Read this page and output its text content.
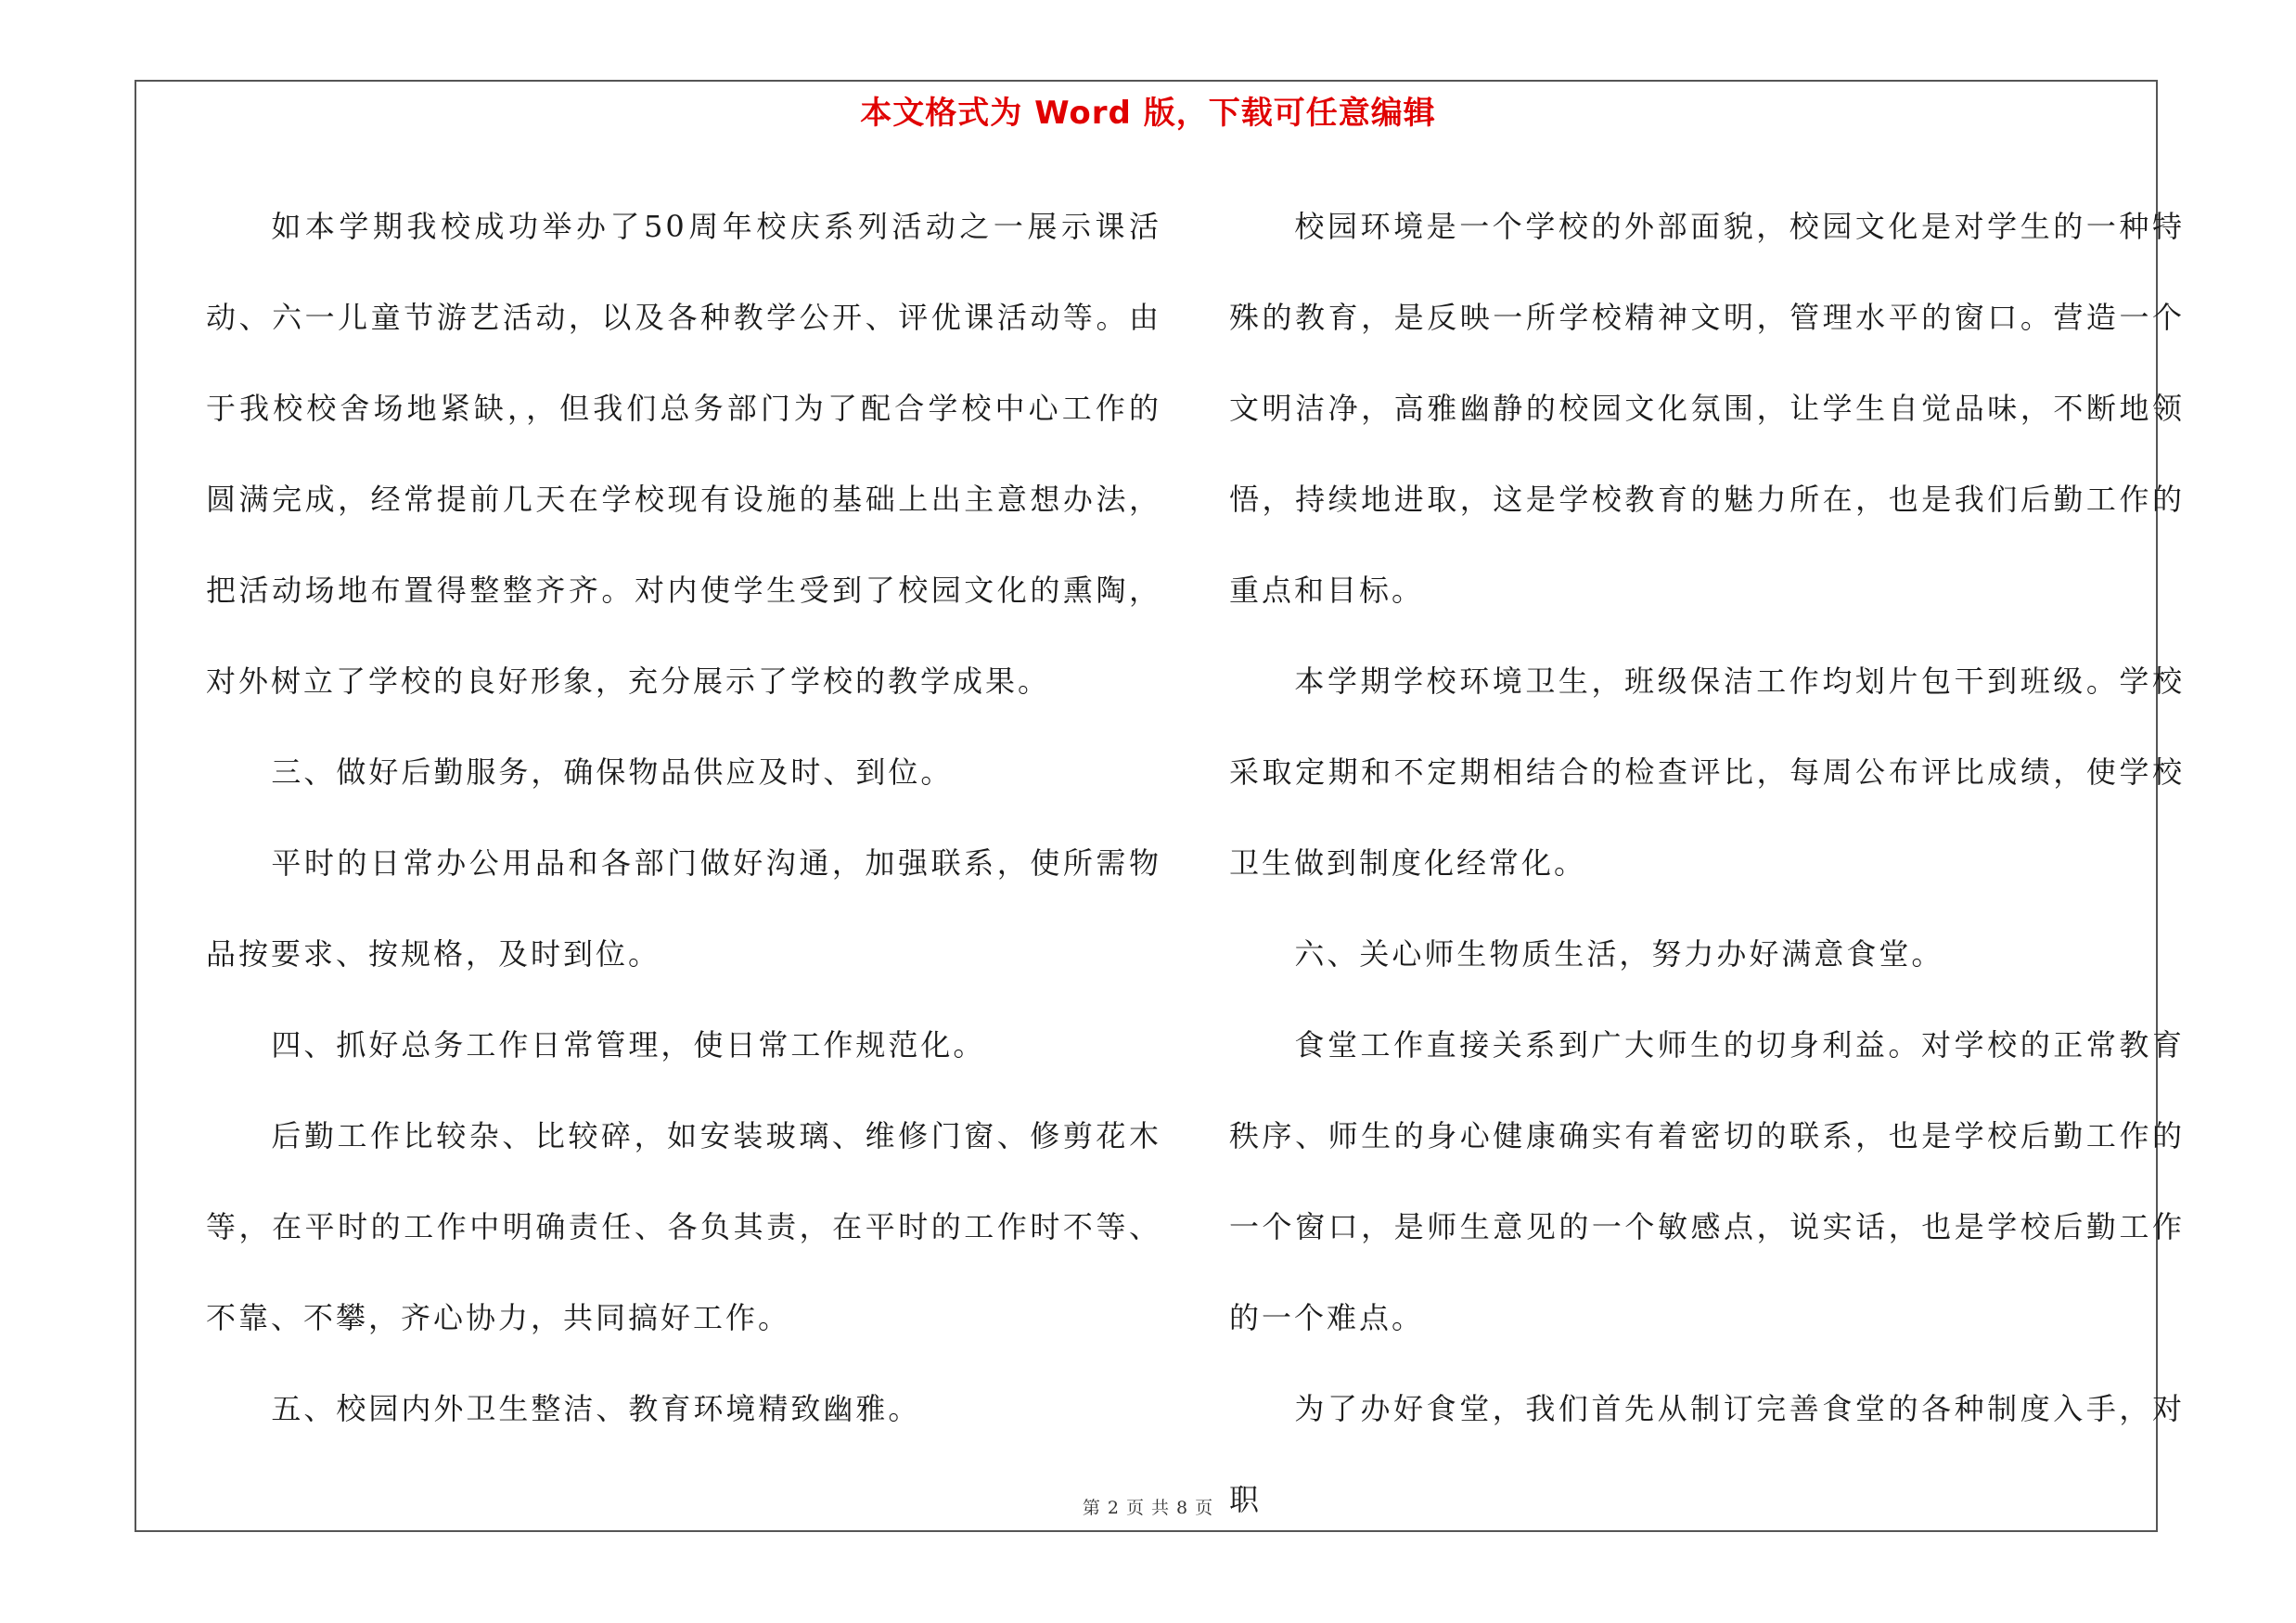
本文格式为 Word 版，下载可任意编辑

如本学期我校成功举办了50周年校庆系列活动之一展示课活动、六一儿童节游艺活动，以及各种教学公开、评优课活动等。由于我校校舍场地紧缺，，但我们总务部门为了配合学校中心工作的圆满完成，经常提前几天在学校现有设施的基础上出主意想办法，把活动场地布置得整整齐齐。对内使学生受到了校园文化的熏陶，对外树立了学校的良好形象，充分展示了学校的教学成果。

三、做好后勤服务，确保物品供应及时、到位。

平时的日常办公用品和各部门做好沟通，加强联系，使所需物品按要求、按规格，及时到位。

四、抓好总务工作日常管理，使日常工作规范化。

后勤工作比较杂、比较碎，如安装玻璃、维修门窗、修剪花木等，在平时的工作中明确责任、各负其责，在平时的工作时不等、不靠、不攀，齐心协力，共同搞好工作。

五、校园内外卫生整洁、教育环境精致幽雅。

校园环境是一个学校的外部面貌，校园文化是对学生的一种特殊的教育，是反映一所学校精神文明，管理水平的窗口。营造一个文明洁净，高雅幽静的校园文化氛围，让学生自觉品味，不断地领悟，持续地进取，这是学校教育的魅力所在，也是我们后勤工作的重点和目标。

本学期学校环境卫生，班级保洁工作均划片包干到班级。学校采取定期和不定期相结合的检查评比，每周公布评比成绩，使学校卫生做到制度化经常化。

六、关心师生物质生活，努力办好满意食堂。

食堂工作直接关系到广大师生的切身利益。对学校的正常教育秩序、师生的身心健康确实有着密切的联系，也是学校后勤工作的一个窗口，是师生意见的一个敏感点，说实话，也是学校后勤工作的一个难点。

为了办好食堂，我们首先从制订完善食堂的各种制度入手，对职

第 2 页 共 8 页
